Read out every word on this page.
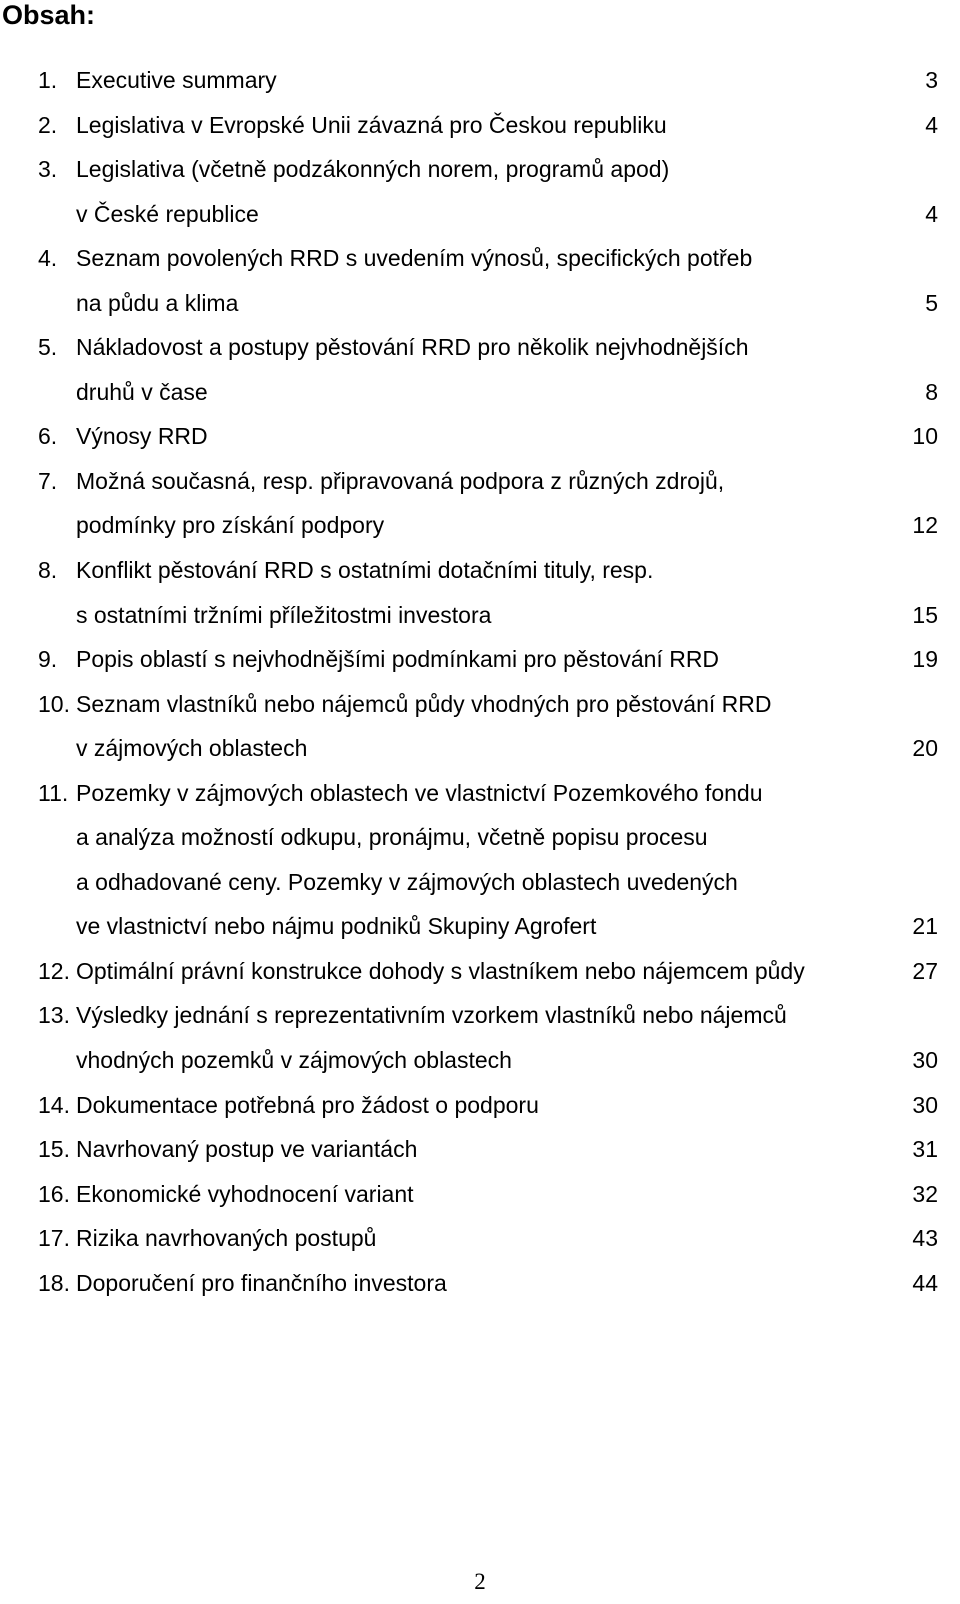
Obsah:
1. Executive summary	3
2. Legislativa v Evropské Unii závazná pro Českou republiku	4
3. Legislativa (včetně podzákonných norem, programů apod)
v České republice	4
4. Seznam povolených RRD s uvedením výnosů, specifických potřeb
na půdu a klima	5
5. Nákladovost a postupy pěstování RRD pro několik nejvhodnějších
druhů v čase	8
6. Výnosy RRD	10
7. Možná současná, resp. připravovaná podpora z různých zdrojů,
podmínky pro získání podpory	12
8. Konflikt pěstování RRD s ostatními dotačními tituly, resp.
s ostatními tržními příležitostmi investora	15
9. Popis oblastí s nejvhodnějšími podmínkami pro pěstování RRD	19
10. Seznam vlastníků nebo nájemců půdy vhodných pro pěstování RRD
v zájmových oblastech	20
11. Pozemky v zájmových oblastech ve vlastnictví Pozemkového fondu
a analýza možností odkupu, pronájmu, včetně popisu procesu
a odhadované ceny. Pozemky v zájmových oblastech uvedených
ve vlastnictví nebo nájmu podniků Skupiny Agrofert	21
12. Optimální právní konstrukce dohody s vlastníkem nebo nájemcem půdy	27
13. Výsledky jednání s reprezentativním vzorkem vlastníků nebo nájemců
vhodných pozemků v zájmových oblastech	30
14. Dokumentace potřebná pro žádost o podporu	30
15. Navrhovaný postup ve variantách	31
16. Ekonomické vyhodnocení variant	32
17. Rizika navrhovaných postupů	43
18. Doporučení pro finančního investora	44
2
